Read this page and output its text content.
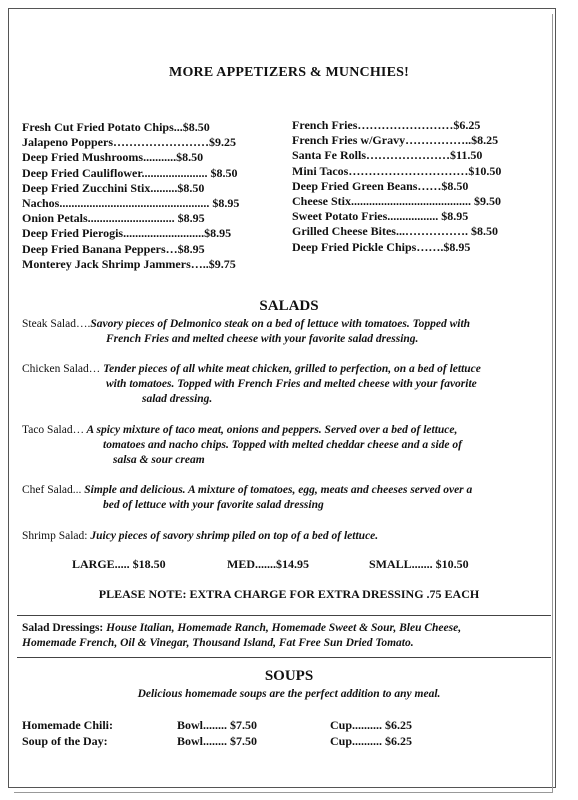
MORE APPETIZERS & MUNCHIES!
Fresh Cut Fried Potato Chips...$8.50
Jalapeno Poppers……………………$9.25
Deep Fried Mushrooms...........$8.50
Deep Fried Cauliflower...................... $8.50
Deep Fried Zucchini Stix.........$8.50
Nachos.................................................. $8.95
Onion Petals............................. $8.95
Deep Fried Pierogis...........................$8.95
Deep Fried Banana Peppers…$8.95
Monterey Jack Shrimp Jammers…..$9.75
French Fries……………………$6.25
French Fries w/Gravy……………..$8.25
Santa Fe Rolls…………………$11.50
Mini Tacos…………………………$10.50
Deep Fried Green Beans……$8.50
Cheese Stix........................................ $9.50
Sweet Potato Fries................. $8.95
Grilled Cheese Bites...……………. $8.50
Deep Fried Pickle Chips…….$8.95
SALADS
Steak Salad….Savory pieces of Delmonico steak on a bed of lettuce with tomatoes. Topped with
French Fries and melted cheese with your favorite salad dressing.
Chicken Salad… Tender pieces of all white meat chicken, grilled to perfection, on a bed of lettuce
with tomatoes. Topped with French Fries and melted cheese with your favorite
salad dressing.
Taco Salad… A spicy mixture of taco meat, onions and peppers. Served over a bed of lettuce,
tomatoes and nacho chips. Topped with melted cheddar cheese and a side of
salsa & sour cream
Chef Salad... Simple and delicious. A mixture of tomatoes, egg, meats and cheeses served over a
bed of lettuce with your favorite salad dressing
Shrimp Salad: Juicy pieces of savory shrimp piled on top of a bed of lettuce.
LARGE..... $18.50	MED.......$14.95	SMALL....... $10.50
PLEASE NOTE: EXTRA CHARGE FOR EXTRA DRESSING .75 EACH
Salad Dressings: House Italian, Homemade Ranch, Homemade Sweet & Sour, Bleu Cheese,
Homemade French, Oil & Vinegar, Thousand Island, Fat Free Sun Dried Tomato.
SOUPS
Delicious homemade soups are the perfect addition to any meal.
Homemade Chili:	Bowl........ $7.50	Cup.......... $6.25
Soup of the Day:	Bowl........ $7.50	Cup.......... $6.25
